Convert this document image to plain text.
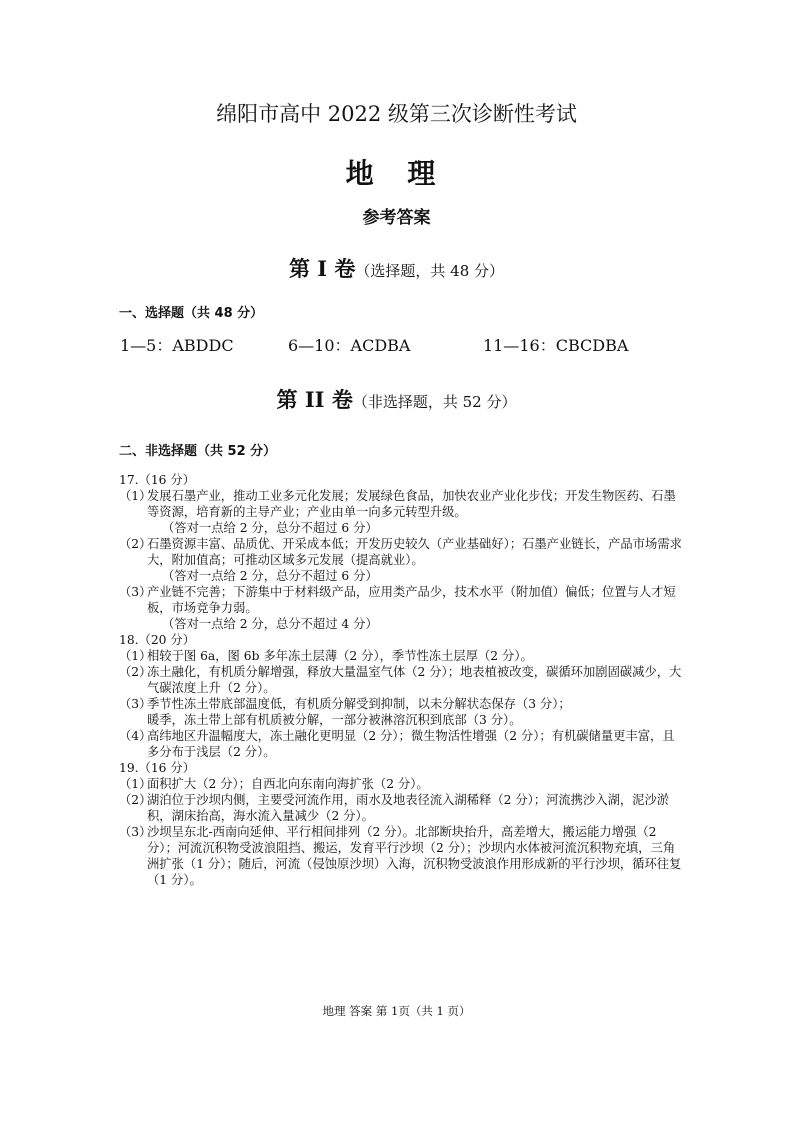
绵阳市高中 2022 级第三次诊断性考试
地 理
参考答案
第 I 卷（选择题，共 48 分）
一、选择题（共 48 分）
1—5：ABDDC	6—10：ACDBA	11—16：CBCDBA
第 II 卷（非选择题，共 52 分）
二、非选择题（共 52 分）

17.（16 分）

（1）
发展石墨产业，推动工业多元化发展；发展绿色食品，加快农业产业化步伐；开发生物医药、石墨等资源，培育新的主导产业；产业由单一向多元转型升级。

（答对一点给 2 分，总分不超过 6 分）

（2）
石墨资源丰富、品质优、开采成本低；开发历史较久（产业基础好）；石墨产业链长，产品市场需求大，附加值高；可推动区域多元发展（提高就业）。

（答对一点给 2 分，总分不超过 6 分）

（3）
产业链不完善；下游集中于材料级产品，应用类产品少，技术水平（附加值）偏低；位置与人才短板，市场竞争力弱。

（答对一点给 2 分，总分不超过 4 分）

18.（20 分）

（1）
相较于图 6a，图 6b 多年冻土层薄（2 分），季节性冻土层厚（2 分）。
（2）
冻土融化，有机质分解增强，释放大量温室气体（2 分）；地表植被改变，碳循环加剧固碳减少，大气碳浓度上升（2 分）。
（3）
季节性冻土带底部温度低，有机质分解受到抑制，以未分解状态保存（3 分）；

暖季，冻土带上部有机质被分解，一部分被淋溶沉积到底部（3 分）。

（4）
高纬地区升温幅度大，冻土融化更明显（2 分）；微生物活性增强（2 分）；有机碳储量更丰富，且多分布于浅层（2 分）。

19.（16 分）

（1）
面积扩大（2 分）；自西北向东南向海扩张（2 分）。
（2）
湖泊位于沙坝内侧，主要受河流作用，雨水及地表径流入湖稀释（2 分）；河流携沙入湖，泥沙淤积，湖床抬高，海水流入量减少（2 分）。
（3）
沙坝呈东北-西南向延伸、平行相间排列（2 分）。北部断块抬升，高差增大，搬运能力增强（2 分）；河流沉积物受波浪阻挡、搬运，发育平行沙坝（2 分）；沙坝内水体被河流沉积物充填，三角洲扩张（1 分）；随后，河流（侵蚀原沙坝）入海，沉积物受波浪作用形成新的平行沙坝，循环往复（1 分）。
地理 答案 第 1页（共 1 页）
